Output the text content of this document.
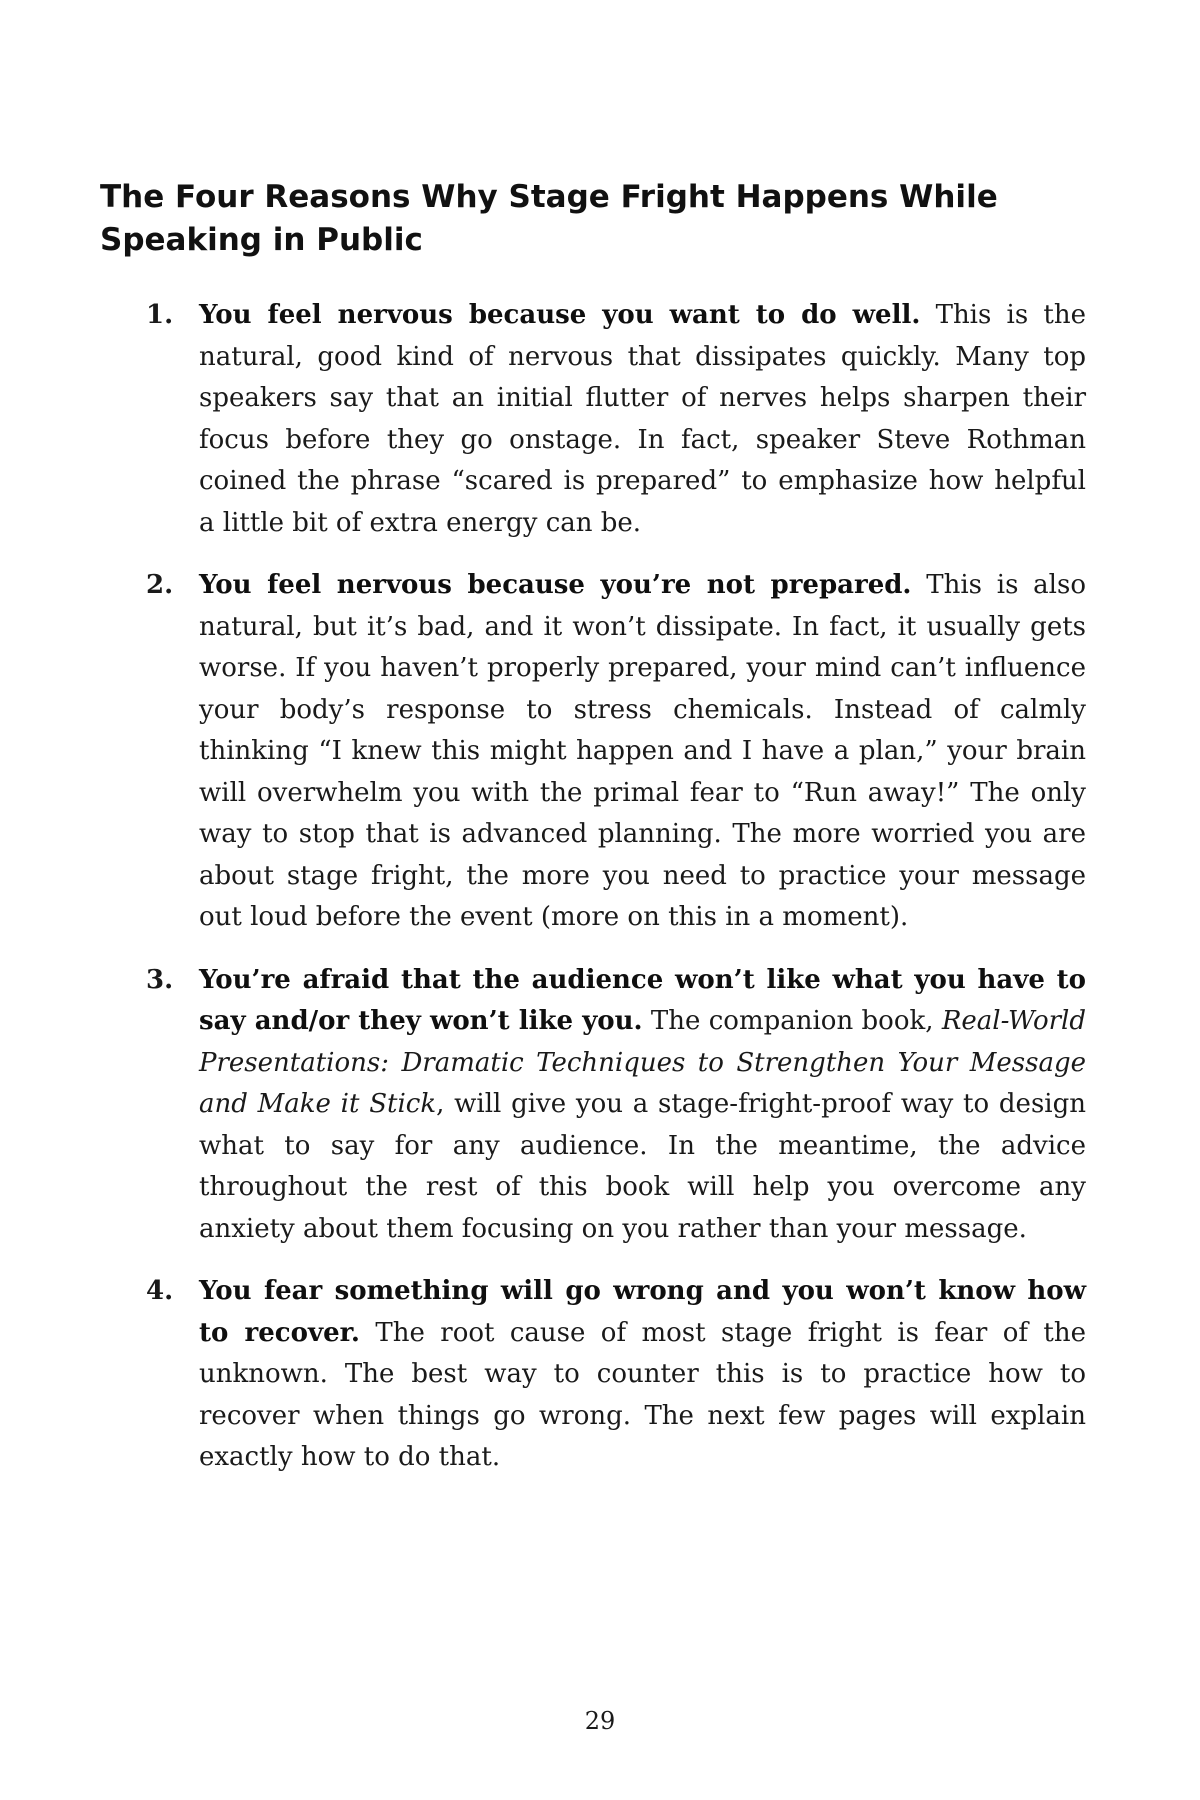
The Four Reasons Why Stage Fright Happens While Speaking in Public
1. You feel nervous because you want to do well. This is the natural, good kind of nervous that dissipates quickly. Many top speakers say that an initial flutter of nerves helps sharpen their focus before they go onstage. In fact, speaker Steve Rothman coined the phrase “scared is prepared” to emphasize how helpful a little bit of extra energy can be.
2. You feel nervous because you’re not prepared. This is also natural, but it’s bad, and it won’t dissipate. In fact, it usually gets worse. If you haven’t properly prepared, your mind can’t influence your body’s response to stress chemicals. Instead of calmly thinking “I knew this might happen and I have a plan,” your brain will overwhelm you with the primal fear to “Run away!” The only way to stop that is advanced planning. The more worried you are about stage fright, the more you need to practice your message out loud before the event (more on this in a moment).
3. You’re afraid that the audience won’t like what you have to say and/or they won’t like you. The companion book, Real-World Presentations: Dramatic Techniques to Strengthen Your Message and Make it Stick, will give you a stage-fright-proof way to design what to say for any audience. In the meantime, the advice throughout the rest of this book will help you overcome any anxiety about them focusing on you rather than your message.
4. You fear something will go wrong and you won’t know how to recover. The root cause of most stage fright is fear of the unknown. The best way to counter this is to practice how to recover when things go wrong. The next few pages will explain exactly how to do that.
29
